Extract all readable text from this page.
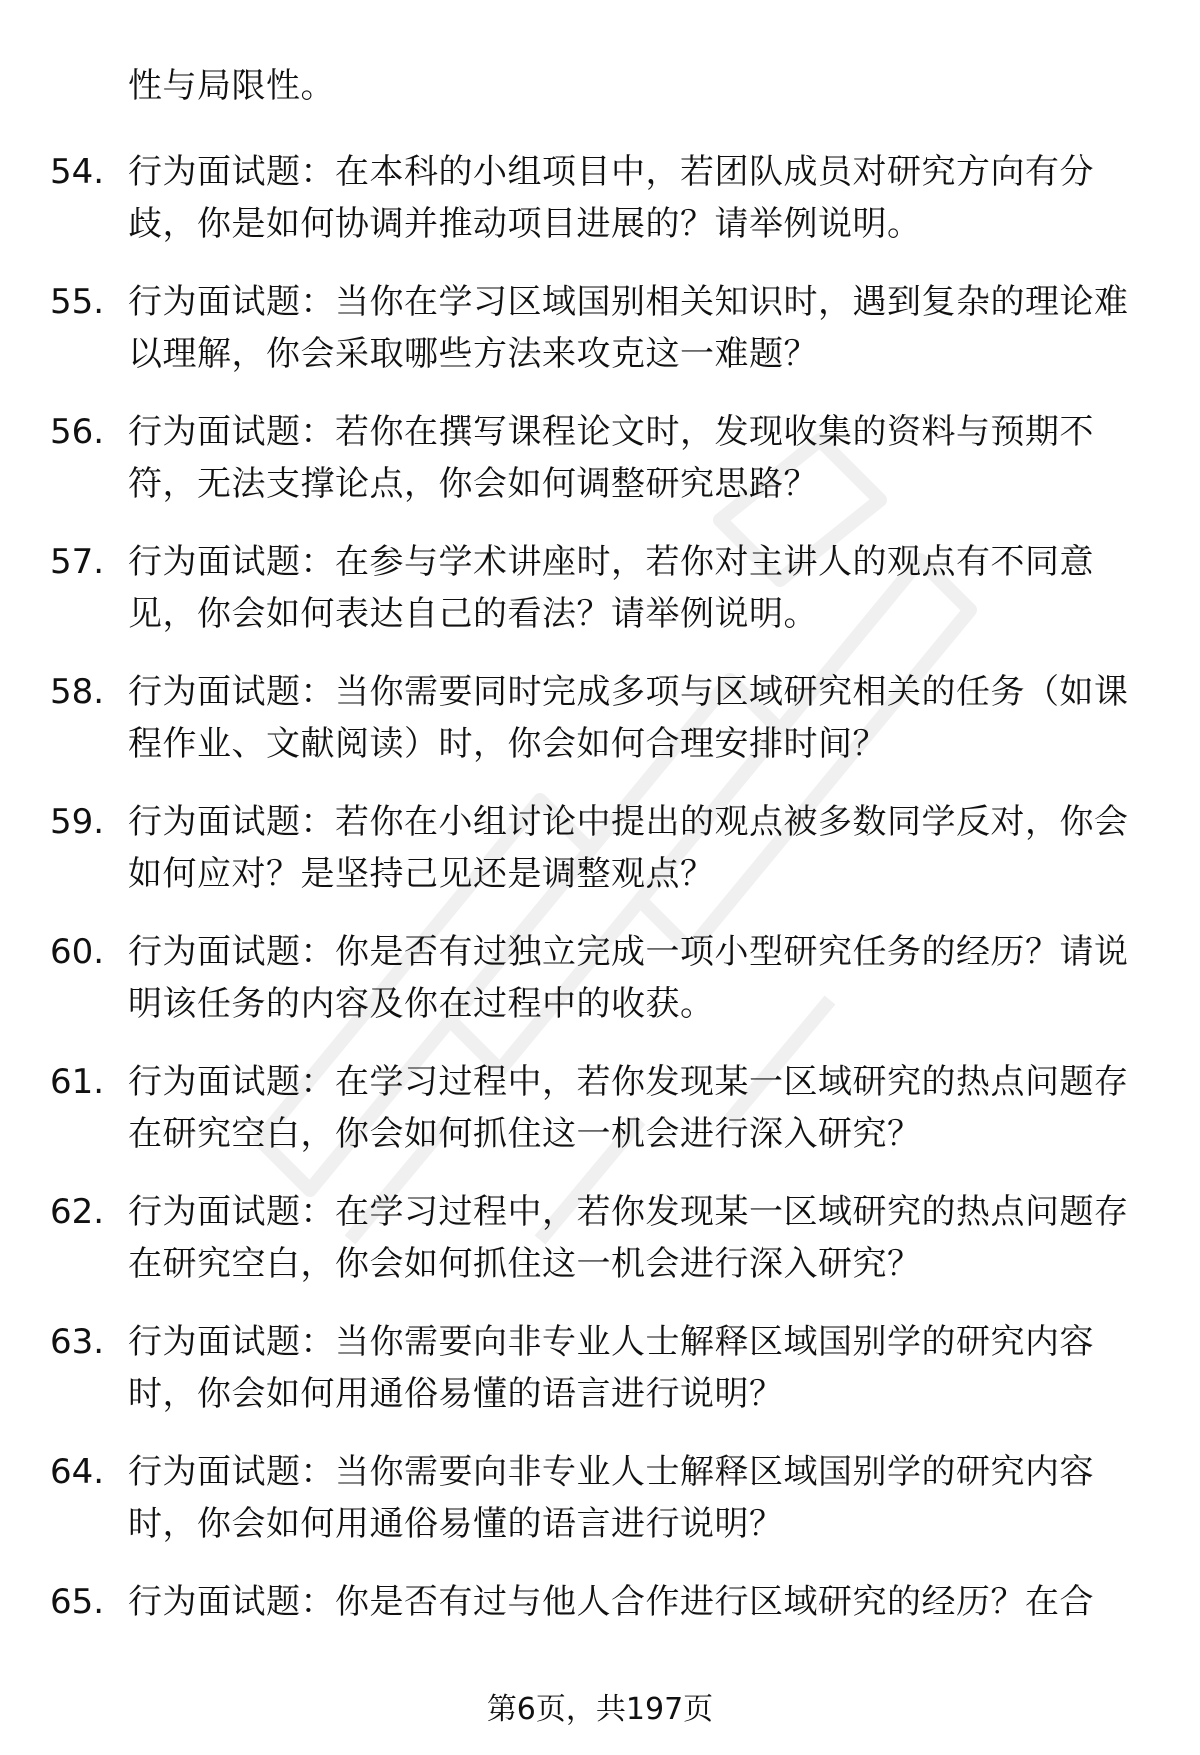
性与局限性。
54. 行为面试题：在本科的小组项目中，若团队成员对研究方向有分歧，你是如何协调并推动项目进展的？请举例说明。
55. 行为面试题：当你在学习区域国别相关知识时，遇到复杂的理论难以理解，你会采取哪些方法来攻克这一难题？
56. 行为面试题：若你在撰写课程论文时，发现收集的资料与预期不符，无法支撑论点，你会如何调整研究思路？
57. 行为面试题：在参与学术讲座时，若你对主讲人的观点有不同意见，你会如何表达自己的看法？请举例说明。
58. 行为面试题：当你需要同时完成多项与区域研究相关的任务（如课程作业、文献阅读）时，你会如何合理安排时间？
59. 行为面试题：若你在小组讨论中提出的观点被多数同学反对，你会如何应对？是坚持己见还是调整观点？
60. 行为面试题：你是否有过独立完成一项小型研究任务的经历？请说明该任务的内容及你在过程中的收获。
61. 行为面试题：在学习过程中，若你发现某一区域研究的热点问题存在研究空白，你会如何抓住这一机会进行深入研究？
62. 行为面试题：在学习过程中，若你发现某一区域研究的热点问题存在研究空白，你会如何抓住这一机会进行深入研究？
63. 行为面试题：当你需要向非专业人士解释区域国别学的研究内容时，你会如何用通俗易懂的语言进行说明？
64. 行为面试题：当你需要向非专业人士解释区域国别学的研究内容时，你会如何用通俗易懂的语言进行说明？
65. 行为面试题：你是否有过与他人合作进行区域研究的经历？在合
第6页，共197页
